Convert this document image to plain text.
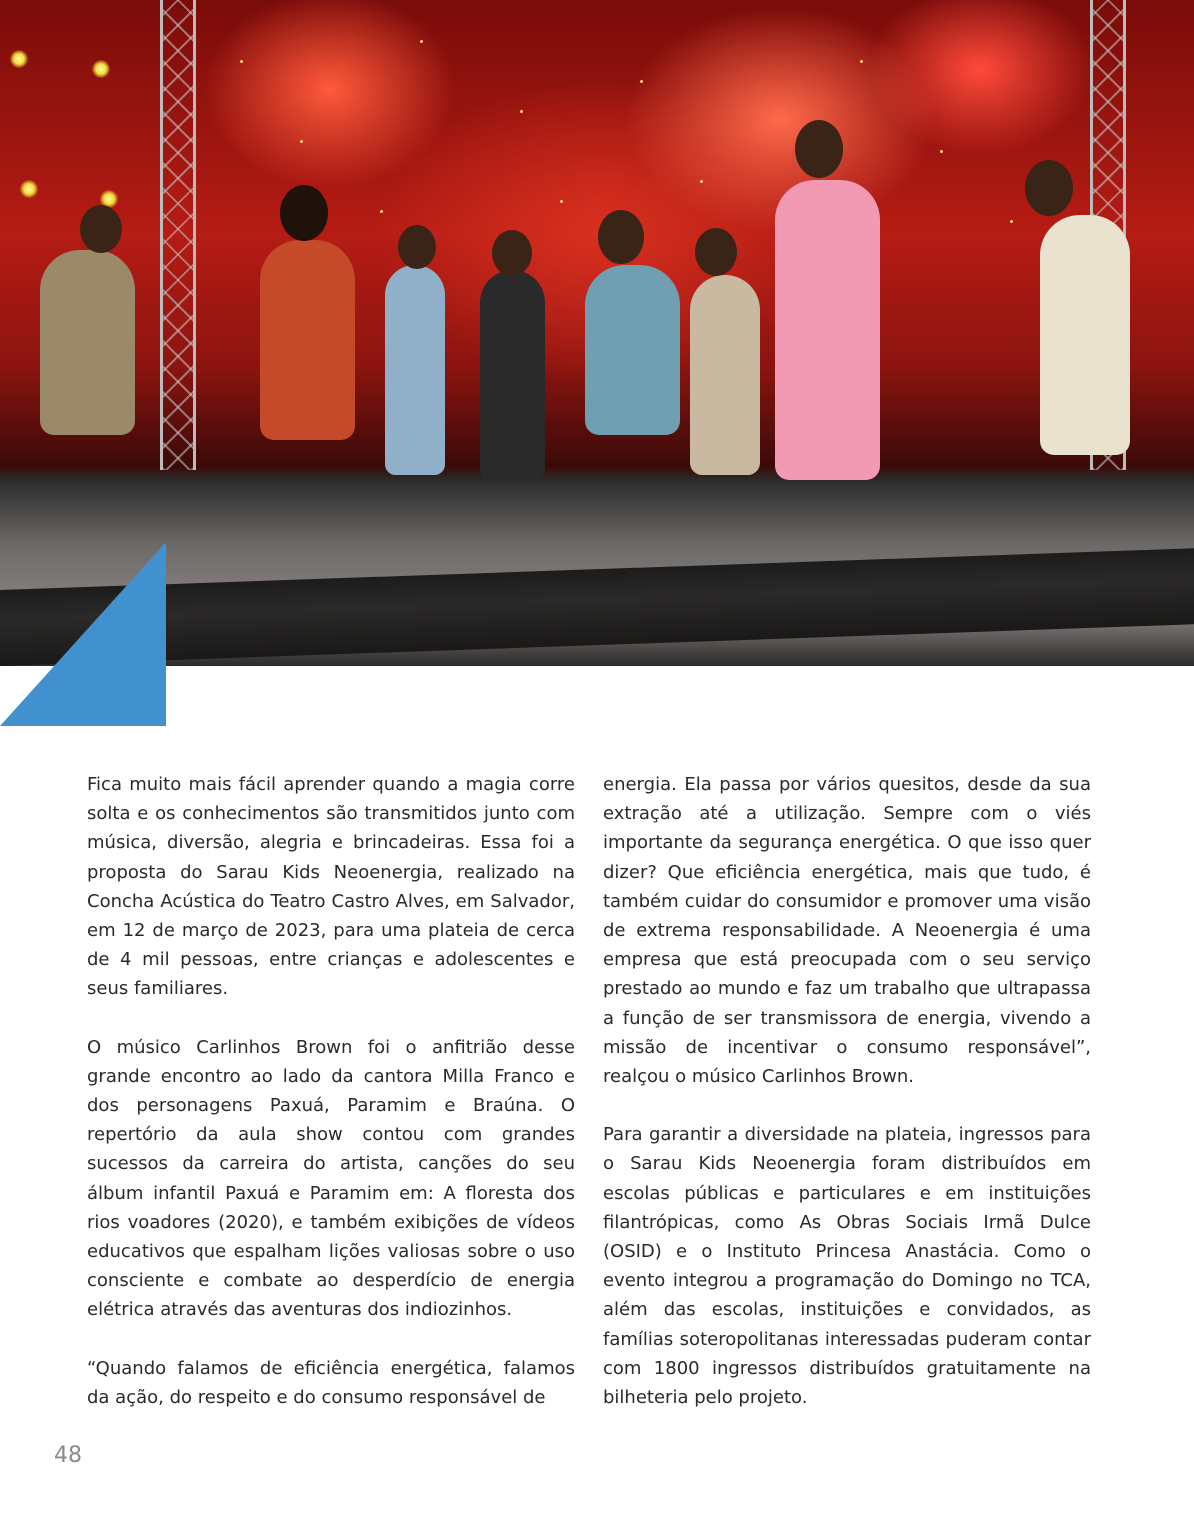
Fica muito mais fácil aprender quando a magia corre solta e os conhecimentos são transmitidos junto com música, diversão, alegria e brincadeiras. Essa foi a proposta do Sarau Kids Neoenergia, realizado na Concha Acústica do Teatro Castro Alves, em Salvador, em 12 de março de 2023, para uma plateia de cerca de 4 mil pessoas, entre crianças e adolescentes e seus familiares.

O músico Carlinhos Brown foi o anfitrião desse grande encontro ao lado da cantora Milla Franco e dos personagens Paxuá, Paramim e Braúna. O repertório da aula show contou com grandes sucessos da carreira do artista, canções do seu álbum infantil Paxuá e Paramim em: A floresta dos rios voadores (2020), e também exibições de vídeos educativos que espalham lições valiosas sobre o uso consciente e combate ao desperdício de energia elétrica através das aventuras dos indiozinhos.

“Quando falamos de eficiência energética, falamos da ação, do respeito e do consumo responsável de

energia. Ela passa por vários quesitos, desde da sua extração até a utilização. Sempre com o viés importante da segurança energética. O que isso quer dizer? Que eficiência energética, mais que tudo, é também cuidar do consumidor e promover uma visão de extrema responsabilidade. A Neoenergia é uma empresa que está preocupada com o seu serviço prestado ao mundo e faz um trabalho que ultrapassa a função de ser transmissora de energia, vivendo a missão de incentivar o consumo responsável”, realçou o músico Carlinhos Brown.

Para garantir a diversidade na plateia, ingressos para o Sarau Kids Neoenergia foram distribuídos em escolas públicas e particulares e em instituições filantrópicas, como As Obras Sociais Irmã Dulce (OSID) e o Instituto Princesa Anastácia. Como o evento integrou a programação do Domingo no TCA, além das escolas, instituições e convidados, as famílias soteropolitanas interessadas puderam contar com 1800 ingressos distribuídos gratuitamente na bilheteria pelo projeto.

48
